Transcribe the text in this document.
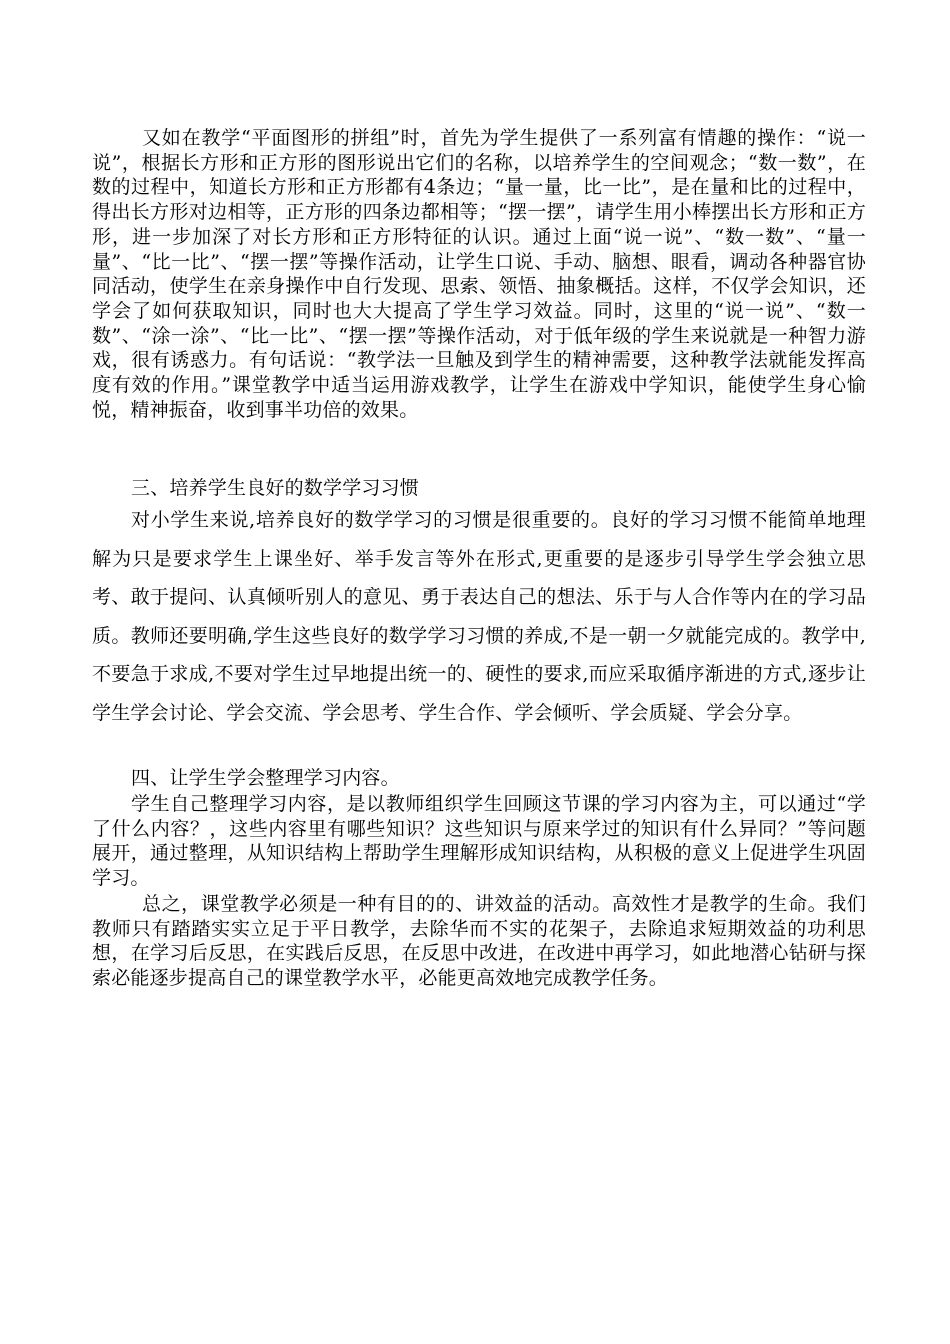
又如在教学“平面图形的拼组”时，首先为学生提供了一系列富有情趣的操作：“说一说”，根据长方形和正方形的图形说出它们的名称，以培养学生的空间观念；“数一数”，在数的过程中，知道长方形和正方形都有4条边；“量一量，比一比”，是在量和比的过程中，得出长方形对边相等，正方形的四条边都相等；“摆一摆”，请学生用小棒摆出长方形和正方形，进一步加深了对长方形和正方形特征的认识。通过上面“说一说”、“数一数”、“量一量”、“比一比”、“摆一摆”等操作活动，让学生口说、手动、脑想、眼看，调动各种器官协同活动，使学生在亲身操作中自行发现、思索、领悟、抽象概括。这样，不仅学会知识，还学会了如何获取知识，同时也大大提高了学生学习效益。同时，这里的“说一说”、“数一数”、“涂一涂”、“比一比”、“摆一摆”等操作活动，对于低年级的学生来说就是一种智力游戏，很有诱惑力。有句话说：“教学法一旦触及到学生的精神需要，这种教学法就能发挥高度有效的作用。”课堂教学中适当运用游戏教学，让学生在游戏中学知识，能使学生身心愉悦，精神振奋，收到事半功倍的效果。

三、培养学生良好的数学学习习惯

对小学生来说,培养良好的数学学习的习惯是很重要的。良好的学习习惯不能简单地理解为只是要求学生上课坐好、举手发言等外在形式,更重要的是逐步引导学生学会独立思考、敢于提问、认真倾听别人的意见、勇于表达自己的想法、乐于与人合作等内在的学习品质。教师还要明确,学生这些良好的数学学习习惯的养成,不是一朝一夕就能完成的。教学中,不要急于求成,不要对学生过早地提出统一的、硬性的要求,而应采取循序渐进的方式,逐步让学生学会讨论、学会交流、学会思考、学生合作、学会倾听、学会质疑、学会分享。

四、让学生学会整理学习内容。

学生自己整理学习内容，是以教师组织学生回顾这节课的学习内容为主，可以通过“学了什么内容？，这些内容里有哪些知识？这些知识与原来学过的知识有什么异同？”等问题展开，通过整理，从知识结构上帮助学生理解形成知识结构，从积极的意义上促进学生巩固学习。

总之，课堂教学必须是一种有目的的、讲效益的活动。高效性才是教学的生命。我们教师只有踏踏实实立足于平日教学，去除华而不实的花架子，去除追求短期效益的功利思想，在学习后反思，在实践后反思，在反思中改进，在改进中再学习，如此地潜心钻研与探索必能逐步提高自己的课堂教学水平，必能更高效地完成教学任务。
